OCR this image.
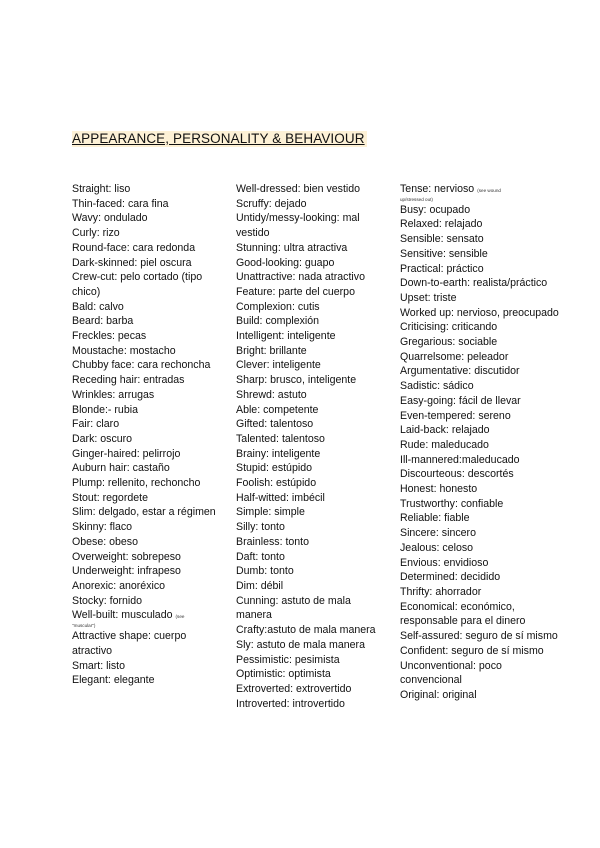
APPEARANCE, PERSONALITY & BEHAVIOUR

Straight: liso

Thin-faced: cara fina

Wavy: ondulado

Curly: rizo

Round-face: cara redonda

Dark-skinned: piel oscura

Crew-cut: pelo cortado (tipo chico)

Bald: calvo

Beard: barba

Freckles: pecas

Moustache: mostacho

Chubby face: cara rechoncha

Receding hair: entradas

Wrinkles: arrugas

Blonde:- rubia

Fair: claro

Dark: oscuro

Ginger-haired: pelirrojo

Auburn hair: castaño

Plump: rellenito, rechoncho

Stout: regordete

Slim: delgado, estar a régimen

Skinny: flaco

Obese: obeso

Overweight: sobrepeso

Underweight: infrapeso

Anorexic: anoréxico

Stocky: fornido

Well-built: musculado (see

"muscular")

Attractive shape: cuerpo atractivo

Smart: listo

Elegant: elegante

Well-dressed: bien vestido

Scruffy: dejado

Untidy/messy-looking: mal vestido

Stunning: ultra atractiva

Good-looking: guapo

Unattractive: nada atractivo

Feature: parte del cuerpo

Complexion: cutis

Build: complexión

Intelligent: inteligente

Bright: brillante

Clever: inteligente

Sharp: brusco, inteligente

Shrewd: astuto

Able: competente

Gifted: talentoso

Talented: talentoso

Brainy: inteligente

Stupid: estúpido

Foolish: estúpido

Half-witted: imbécil

Simple: simple

Silly: tonto

Brainless: tonto

Daft: tonto

Dumb: tonto

Dim: débil

Cunning: astuto de mala manera

Crafty:astuto de mala manera

Sly: astuto de mala manera

Pessimistic: pesimista

Optimistic: optimista

Extroverted: extrovertido

Introverted: introvertido

Tense: nervioso (see wound

up/stressed out)

Busy: ocupado

Relaxed: relajado

Sensible: sensato

Sensitive: sensible

Practical: práctico

Down-to-earth: realista/práctico

Upset: triste

Worked up: nervioso, preocupado

Criticising: criticando

Gregarious: sociable

Quarrelsome: peleador

Argumentative: discutidor

Sadistic: sádico

Easy-going: fácil de llevar

Even-tempered: sereno

Laid-back: relajado

Rude: maleducado

Ill-mannered:maleducado

Discourteous: descortés

Honest: honesto

Trustworthy: confiable

Reliable: fiable

Sincere: sincero

Jealous: celoso

Envious: envidioso

Determined: decidido

Thrifty: ahorrador

Economical: económico, responsable para el dinero

Self-assured: seguro de sí mismo

Confident: seguro de sí mismo

Unconventional: poco convencional

Original: original
